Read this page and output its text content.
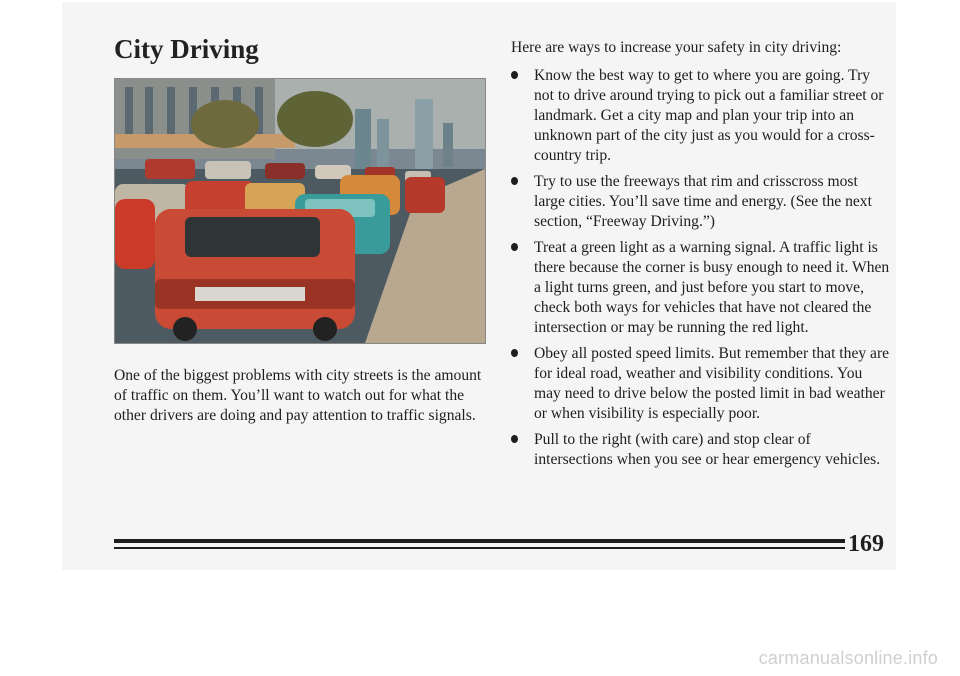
City Driving

One of the biggest problems with city streets is the amount of traffic on them. You’ll want to watch out for what the other drivers are doing and pay attention to traffic signals.

Here are ways to increase your safety in city driving:

Know the best way to get to where you are going. Try not to drive around trying to pick out a familiar street or landmark. Get a city map and plan your trip into an unknown part of the city just as you would for a cross-country trip.
Try to use the freeways that rim and crisscross most large cities. You’ll save time and energy. (See the next section, “Freeway Driving.”)
Treat a green light as a warning signal. A traffic light is there because the corner is busy enough to need it. When a light turns green, and just before you start to move, check both ways for vehicles that have not cleared the intersection or may be running the red light.
Obey all posted speed limits. But remember that they are for ideal road, weather and visibility conditions. You may need to drive below the posted limit in bad weather or when visibility is especially poor.
Pull to the right (with care) and stop clear of intersections when you see or hear emergency vehicles.

169

carmanualsonline.info
